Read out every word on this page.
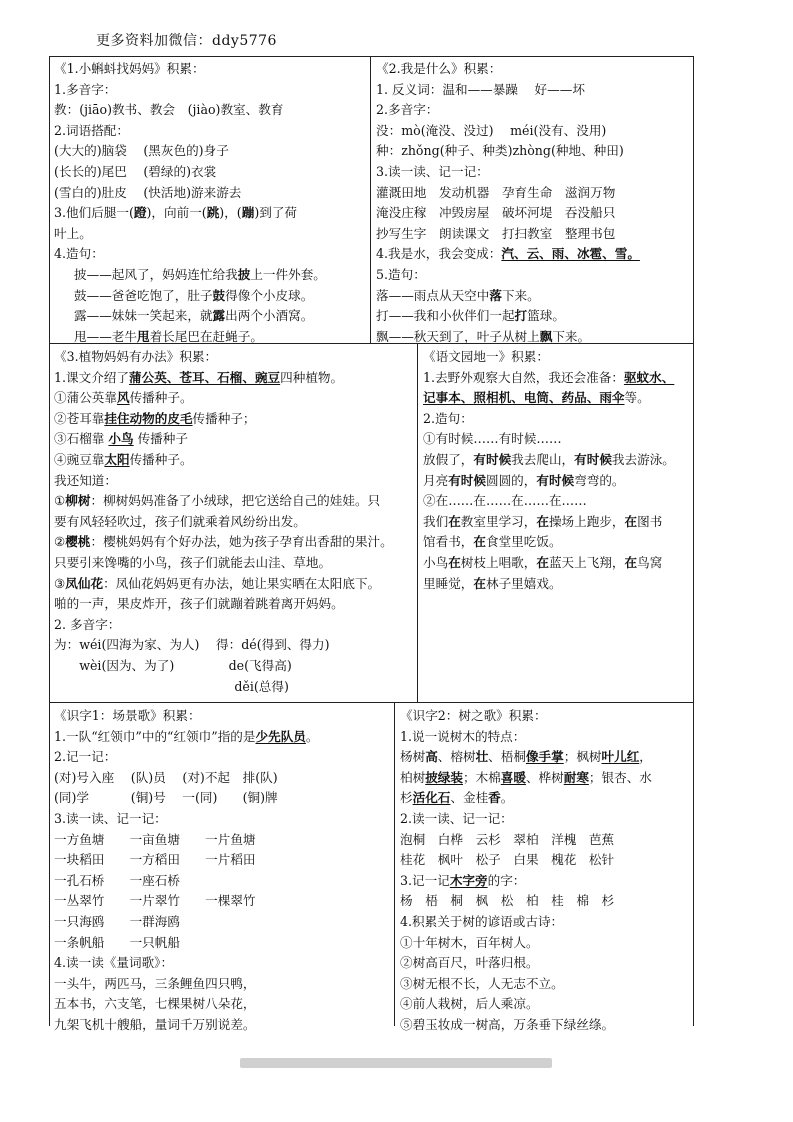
更多资料加微信：ddy5776
《1.小蝌蚪找妈妈》积累：
1.多音字：
教：(jiāo)教书、教会　(jiào)教室、教育
2.词语搭配：
(大大的)脑袋　 (黑灰色的)身子
(长长的)尾巴　 (碧绿的)衣裳
(雪白的)肚皮　 (快活地)游来游去
3.他们后腿一(蹬)，向前一(跳)，(蹦)到了荷
叶上。
4.造句：
披——起风了，妈妈连忙给我披上一件外套。
鼓——爸爸吃饱了，肚子鼓得像个小皮球。
露——妹妹一笑起来，就露出两个小酒窝。
甩——老牛甩着长尾巴在赶蝇子。
《2.我是什么》积累：
1. 反义词：温和——暴躁　 好——坏
2.多音字：
没：mò(淹没、没过)　 méi(没有、没用)
种：zhǒng(种子、种类)zhòng(种地、种田)
3.读一读、记一记：
灌溉田地　发动机器　孕育生命　滋润万物
淹没庄稼　冲毁房屋　破坏河堤　吞没船只
抄写生字　朗读课文　打扫教室　整理书包
4.我是水，我会变成：汽、云、雨、冰雹、雪。
5.造句：
落——雨点从天空中落下来。
打——我和小伙伴们一起打篮球。
飘——秋天到了，叶子从树上飘下来。
《3.植物妈妈有办法》积累：
1.课文介绍了蒲公英、苍耳、石榴、豌豆四种植物。
①蒲公英靠风传播种子。
②苍耳靠挂住动物的皮毛传播种子；
③石榴靠 小鸟 传播种子
④豌豆靠太阳传播种子。
我还知道：
①柳树：柳树妈妈准备了小绒球，把它送给自己的娃娃。只
要有风轻轻吹过，孩子们就乘着风纷纷出发。
②樱桃：樱桃妈妈有个好办法，她为孩子孕育出香甜的果汁。
只要引来馋嘴的小鸟，孩子们就能去山洼、草地。
③凤仙花：凤仙花妈妈更有办法，她让果实晒在太阳底下。
啪的一声，果皮炸开，孩子们就蹦着跳着离开妈妈。
2. 多音字：
为：wéi(四海为家、为人)　 得：dé(得到、得力)
　　wèi(因为、为了)　　　　 de(飞得高)
　　　　　　　　　　　　　　 děi(总得)
《语文园地一》积累：
1.去野外观察大自然，我还会准备：驱蚊水、
记事本、照相机、电筒、药品、雨伞等。
2.造句：
①有时候……有时候……
放假了，有时候我去爬山，有时候我去游泳。
月亮有时候圆圆的，有时候弯弯的。
②在……在……在……在……
我们在教室里学习，在操场上跑步，在图书
馆看书，在食堂里吃饭。
小鸟在树枝上唱歌，在蓝天上飞翔，在鸟窝
里睡觉，在林子里嬉戏。
《识字1：场景歌》积累：
1.一队“红领巾”中的“红领巾”指的是少先队员。
2.记一记：
(对)号入座　 (队)员　 (对)不起　排(队)
(同)学　　　 (铜)号　 一(同)　　(铜)牌
3.读一读、记一记：
一方鱼塘　　一亩鱼塘　　一片鱼塘
一块稻田　　一方稻田　　一片稻田
一孔石桥　　一座石桥
一丛翠竹　　一片翠竹　　一棵翠竹
一只海鸥　　一群海鸥
一条帆船　　一只帆船
4.读一读《量词歌》：
一头牛，两匹马，三条鲤鱼四只鸭，
五本书，六支笔，七棵果树八朵花，
九架飞机十艘船，量词千万别说差。
《识字2：树之歌》积累：
1.说一说树木的特点：
杨树高、榕树壮、梧桐像手掌；枫树叶儿红，
柏树披绿装；木棉喜暖、桦树耐寒；银杏、水
杉活化石、金桂香。
2.读一读、记一记：
泡桐　白桦　云杉　翠柏　洋槐　芭蕉
桂花　枫叶　松子　白果　槐花　松针
3.记一记木字旁的字：
杨　梧　桐　枫　松　柏　桂　棉　杉
4.积累关于树的谚语或古诗：
①十年树木，百年树人。
②树高百尺，叶落归根。
③树无根不长，人无志不立。
④前人栽树，后人乘凉。
⑤碧玉妆成一树高，万条垂下绿丝绦。
